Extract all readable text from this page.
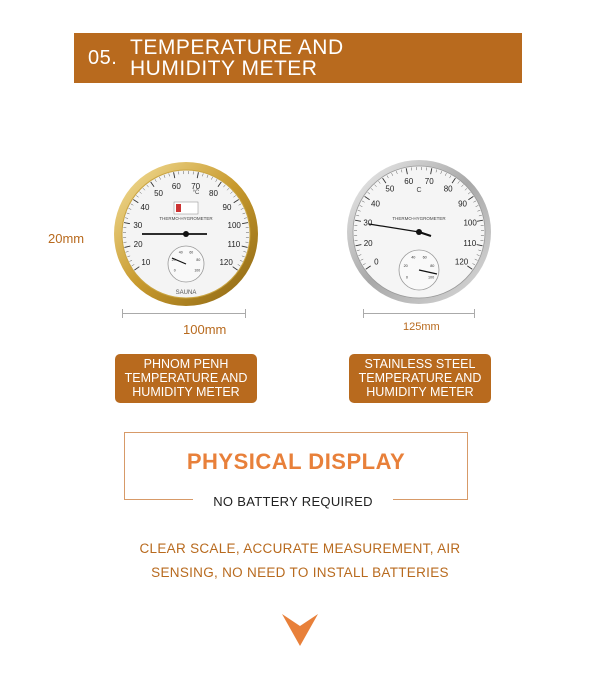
05. TEMPERATURE AND
HUMIDITY METER
20mm
10
20
30
40
50
60 70
80
90
100
110
120
THERMO-HYGROMETER
°C
0
20
40 60
80
100
SAUNA
100mm
0
20
30
40
50
60 70
80
90
100
110
120
C
THERMO-HYGROMETER
0
20
40 60
80
100
125mm
PHNOM PENH
TEMPERATURE AND
HUMIDITY METER
STAINLESS STEEL
TEMPERATURE AND
HUMIDITY METER
PHYSICAL DISPLAY
NO BATTERY REQUIRED
CLEAR SCALE, ACCURATE MEASUREMENT, AIR
SENSING, NO NEED TO INSTALL BATTERIES
